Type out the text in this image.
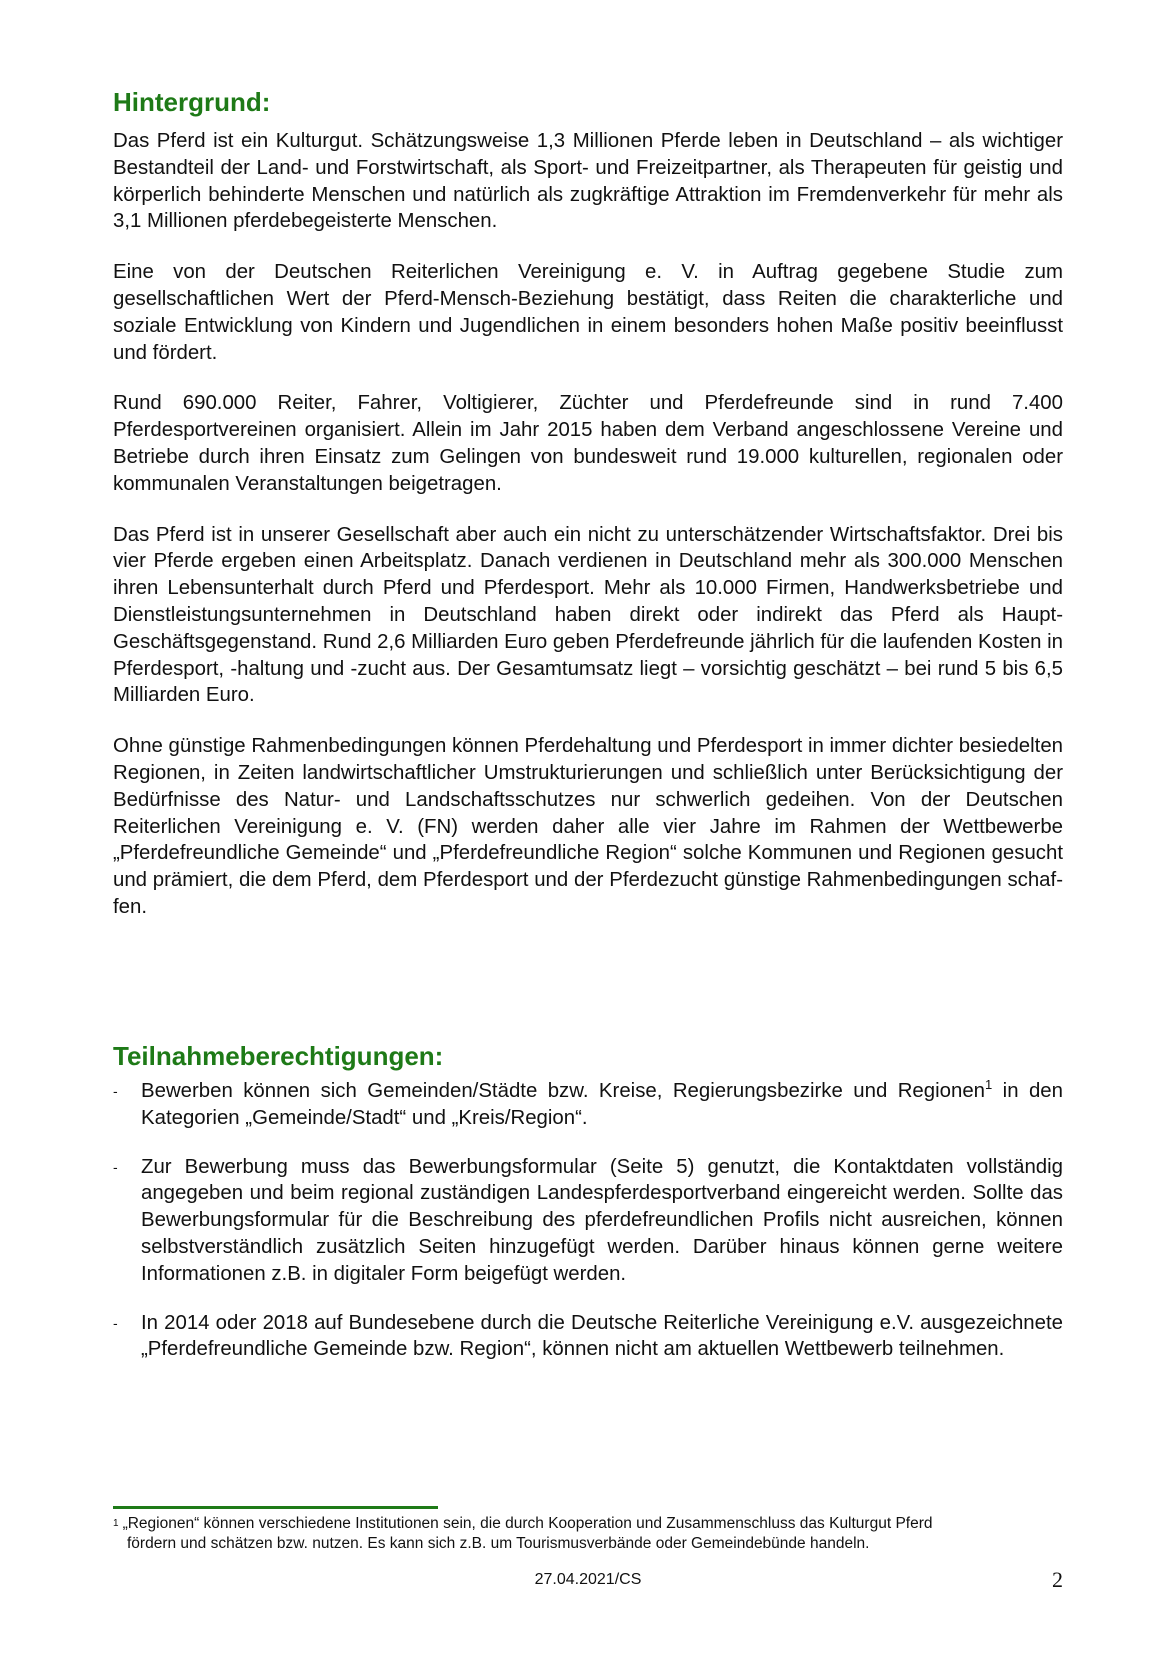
Hintergrund:

Das Pferd ist ein Kulturgut. Schätzungsweise 1,3 Millionen Pferde leben in Deutschland – als wichtiger Bestandteil der Land- und Forstwirtschaft, als Sport- und Freizeitpartner, als Therapeuten für geistig und körperlich behinderte Menschen und natürlich als zugkräftige Attraktion im Fremdenverkehr für mehr als 3,1 Millionen pferdebegeisterte Menschen.

Eine von der Deutschen Reiterlichen Vereinigung e. V. in Auftrag gegebene Studie zum gesellschaftlichen Wert der Pferd-Mensch-Beziehung bestätigt, dass Reiten die charakterliche und soziale Entwicklung von Kindern und Jugendlichen in einem besonders hohen Maße positiv beeinflusst und fördert.

Rund 690.000 Reiter, Fahrer, Voltigierer, Züchter und Pferdefreunde sind in rund 7.400 Pferdesportvereinen organisiert. Allein im Jahr 2015 haben dem Verband angeschlossene Vereine und Betriebe durch ihren Einsatz zum Gelingen von bundesweit rund 19.000 kulturellen, regionalen oder kommunalen Veranstaltungen beigetragen.

Das Pferd ist in unserer Gesellschaft aber auch ein nicht zu unterschätzender Wirtschaftsfaktor. Drei bis vier Pferde ergeben einen Arbeitsplatz. Danach verdienen in Deutschland mehr als 300.000 Menschen ihren Lebensunterhalt durch Pferd und Pferdesport. Mehr als 10.000 Firmen, Handwerksbetriebe und Dienstleistungsunternehmen in Deutschland haben direkt oder indirekt das Pferd als Haupt-Geschäftsgegenstand. Rund 2,6 Milliarden Euro geben Pferdefreunde jährlich für die laufenden Kosten in Pferdesport, -haltung und -zucht aus. Der Gesamtumsatz liegt – vorsichtig geschätzt – bei rund 5 bis 6,5 Milliarden Euro.

Ohne günstige Rahmenbedingungen können Pferdehaltung und Pferdesport in immer dichter besiedelten Regionen, in Zeiten landwirtschaftlicher Umstrukturierungen und schließlich unter Berücksichtigung der Bedürfnisse des Natur- und Landschaftsschutzes nur schwerlich gedeihen. Von der Deutschen Reiterlichen Vereinigung e. V. (FN) werden daher alle vier Jahre im Rahmen der Wettbewerbe „Pferdefreundliche Gemeinde“ und „Pferdefreundliche Region“ solche Kommunen und Regionen gesucht und prämiert, die dem Pferd, dem Pferdesport und der Pferdezucht günstige Rahmenbedingungen schaffen.

Teilnahmeberechtigungen:
-	Bewerben können sich Gemeinden/Städte bzw. Kreise, Regierungsbezirke und Regionen$^1$ in den Kategorien „Gemeinde/Stadt“ und „Kreis/Region“.
-	Zur Bewerbung muss das Bewerbungsformular (Seite 5) genutzt, die Kontaktdaten vollständig angegeben und beim regional zuständigen Landespferdesportverband eingereicht werden. Sollte das Bewerbungsformular für die Beschreibung des pferdefreundlichen Profils nicht ausreichen, können selbstverständlich zusätzlich Seiten hinzugefügt werden. Darüber hinaus können gerne weitere Informationen z.B. in digitaler Form beigefügt werden.
-	In 2014 oder 2018 auf Bundesebene durch die Deutsche Reiterliche Vereinigung e.V. ausgezeichnete „Pferdefreundliche Gemeinde bzw. Region“, können nicht am aktuellen Wettbewerb teilnehmen.
$^1$ „Regionen“ können verschiedene Institutionen sein, die durch Kooperation und Zusammenschluss das Kulturgut Pferd
fördern und schätzen bzw. nutzen. Es kann sich z.B. um Tourismusverbände oder Gemeindebünde handeln.
27.04.2021/CS	2
